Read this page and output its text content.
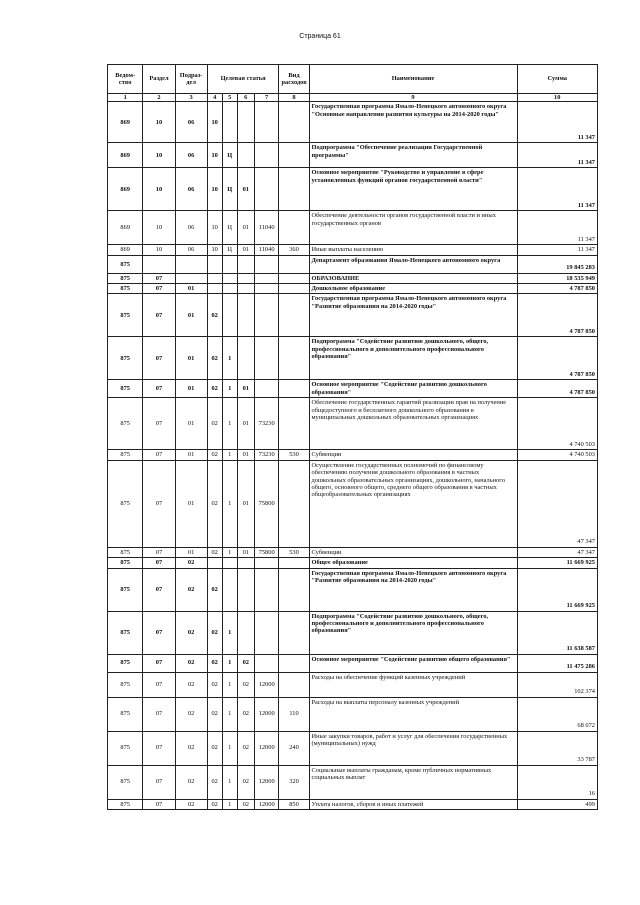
Страница 61
Ведом-ство	Раздел	Подраз-дел	Целевая статья				Вид расходов	Наименование	Сумма
1	2	3	4	5	6	7	8	9	10
869	10	06	10					Государственная программа Ямало-Ненецкого автономного округа "Основные направления развития культуры на 2014-2020 годы"	11 347
869	10	06	10	Ц				Подпрограмма "Обеспечение реализации Государственной программы"	11 347
869	10	06	10	Ц	01			Основное мероприятие "Руководство и управление в сфере установленных функций органов государственной власти"	11 347
869	10	06	10	Ц	01	11040		Обеспечение деятельности органов государственной власти и иных государственных органов	11 347
869	10	06	10	Ц	01	11040	360	Иные выплаты населению	11 347
875								Департамент образования Ямало-Ненецкого автономного округа	19 845 283
875	07							ОБРАЗОВАНИЕ	18 535 949
875	07	01						Дошкольное образование	4 787 850
875	07	01	02					Государственная программа Ямало-Ненецкого автономного округа "Развитие образования на 2014-2020 годы"	4 787 850
875	07	01	02	1				Подпрограмма "Содействие развитию дошкольного, общего, профессионального и дополнительного профессионального образования"	4 787 850
875	07	01	02	1	01			Основное мероприятие "Содействие развитию дошкольного образования"	4 787 850
875	07	01	02	1	01	73230		Обеспечение государственных гарантий реализации прав на получение общедоступного и бесплатного дошкольного образования в муниципальных дошкольных образовательных организациях	4 740 503
875	07	01	02	1	01	73230	530	Субвенции	4 740 503
875	07	01	02	1	01	75800		Осуществление государственных полномочий по финансовому обеспечению получения дошкольного образования в частных дошкольных образовательных организациях, дошкольного, начального общего, основного общего, среднего общего образования в частных общеобразовательных организациях	47 347
875	07	01	02	1	01	75800	530	Субвенции	47 347
875	07	02						Общее образование	11 669 925
875	07	02	02					Государственная программа Ямало-Ненецкого автономного округа "Развитие образования на 2014-2020 годы"	11 669 925
875	07	02	02	1				Подпрограмма "Содействие развитию дошкольного, общего, профессионального и дополнительного профессионального образования"	11 638 587
875	07	02	02	1	02			Основное мероприятие "Содействие развитию общего образования"	11 475 286
875	07	02	02	1	02	12000		Расходы на обеспечение функций казенных учреждений	102 374
875	07	02	02	1	02	12000	110	Расходы на выплаты персоналу казенных учреждений	68 072
875	07	02	02	1	02	12000	240	Иные закупки товаров, работ и услуг для обеспечения государственных (муниципальных) нужд	33 787
875	07	02	02	1	02	12000	320	Социальные выплаты гражданам, кроме публичных нормативных социальных выплат	16
875	07	02	02	1	02	12000	850	Уплата налогов, сборов и иных платежей	499
